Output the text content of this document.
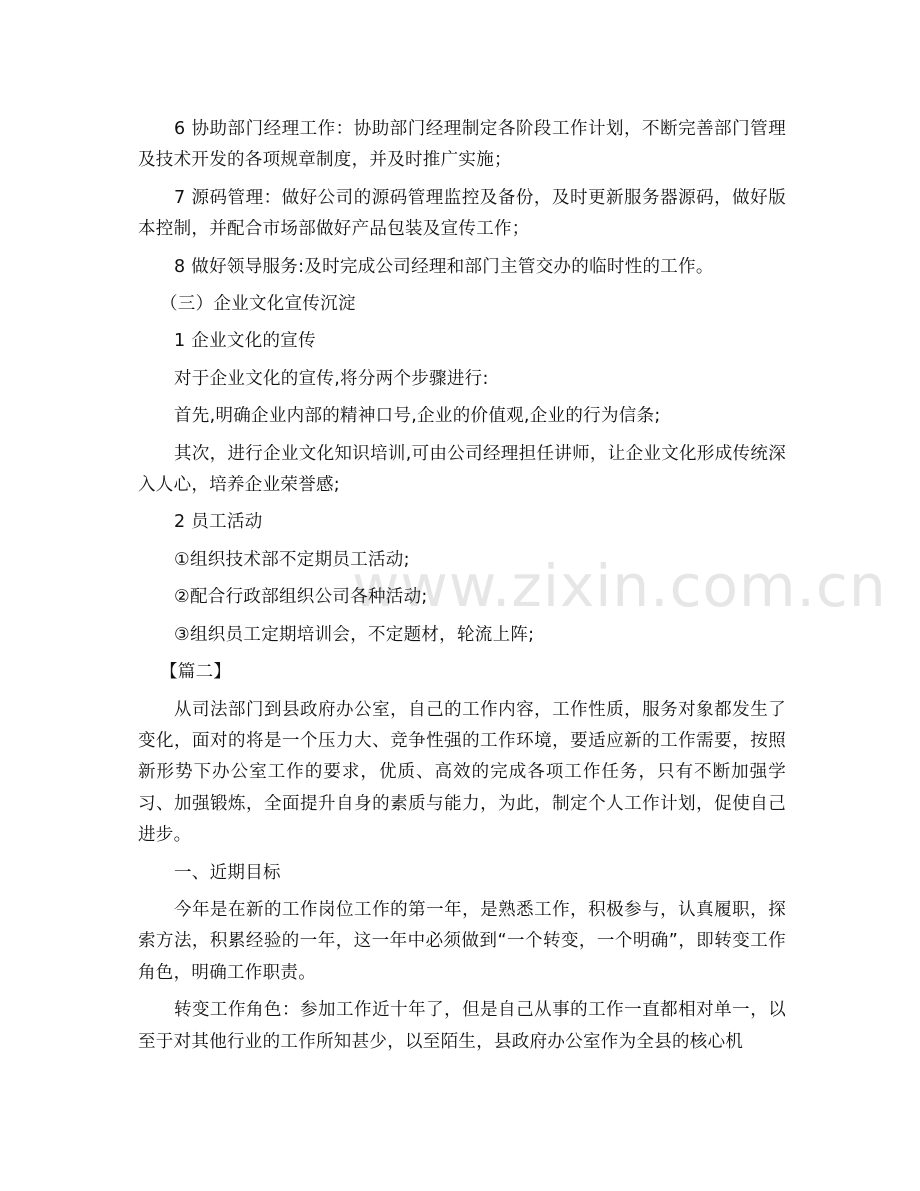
www.zixin.com.cn

6 协助部门经理工作：协助部门经理制定各阶段工作计划，不断完善部门管理及技术开发的各项规章制度，并及时推广实施；

7 源码管理：做好公司的源码管理监控及备份，及时更新服务器源码，做好版本控制，并配合市场部做好产品包装及宣传工作；

8 做好领导服务:及时完成公司经理和部门主管交办的临时性的工作。

（三）企业文化宣传沉淀

1 企业文化的宣传

对于企业文化的宣传,将分两个步骤进行:

首先,明确企业内部的精神口号,企业的价值观,企业的行为信条;

其次，进行企业文化知识培训,可由公司经理担任讲师，让企业文化形成传统深入人心，培养企业荣誉感;

2 员工活动

①组织技术部不定期员工活动;

②配合行政部组织公司各种活动;

③组织员工定期培训会，不定题材，轮流上阵;

【篇二】

从司法部门到县政府办公室，自己的工作内容，工作性质，服务对象都发生了变化，面对的将是一个压力大、竞争性强的工作环境，要适应新的工作需要，按照新形势下办公室工作的要求，优质、高效的完成各项工作任务，只有不断加强学习、加强锻炼，全面提升自身的素质与能力，为此，制定个人工作计划，促使自己进步。

一、近期目标

今年是在新的工作岗位工作的第一年，是熟悉工作，积极参与，认真履职，探索方法，积累经验的一年，这一年中必须做到“一个转变，一个明确”，即转变工作角色，明确工作职责。

转变工作角色：参加工作近十年了，但是自己从事的工作一直都相对单一，以至于对其他行业的工作所知甚少，以至陌生，县政府办公室作为全县的核心机
